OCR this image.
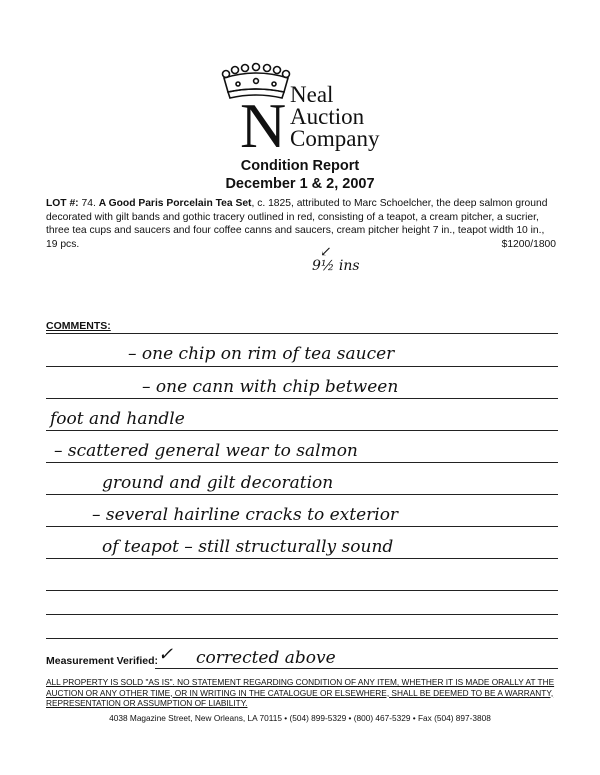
N Neal
Auction
Company
Condition Report
December 1 & 2, 2007
LOT #: 74. A Good Paris Porcelain Tea Set, c. 1825, attributed to Marc Schoelcher, the deep salmon ground decorated with gilt bands and gothic tracery outlined in red, consisting of a teapot, a cream pitcher, a sucrier, three tea cups and saucers and four coffee canns and saucers, cream pitcher height 7 in., teapot width 10 in., 19 pcs.	$1200/1800
↙
9½ ins
COMMENTS:
– one chip on rim of tea saucer
– one cann with chip between
foot and handle
– scattered general wear to salmon
ground and gilt decoration
– several hairline cracks to exterior
of teapot – still structurally sound
Measurement Verified: ✓ corrected above
ALL PROPERTY IS SOLD "AS IS". NO STATEMENT REGARDING CONDITION OF ANY ITEM, WHETHER IT IS MADE ORALLY AT THE AUCTION OR ANY OTHER TIME, OR IN WRITING IN THE CATALOGUE OR ELSEWHERE, SHALL BE DEEMED TO BE A WARRANTY, REPRESENTATION OR ASSUMPTION OF LIABILITY.
4038 Magazine Street, New Orleans, LA 70115 • (504) 899-5329 • (800) 467-5329 • Fax (504) 897-3808
